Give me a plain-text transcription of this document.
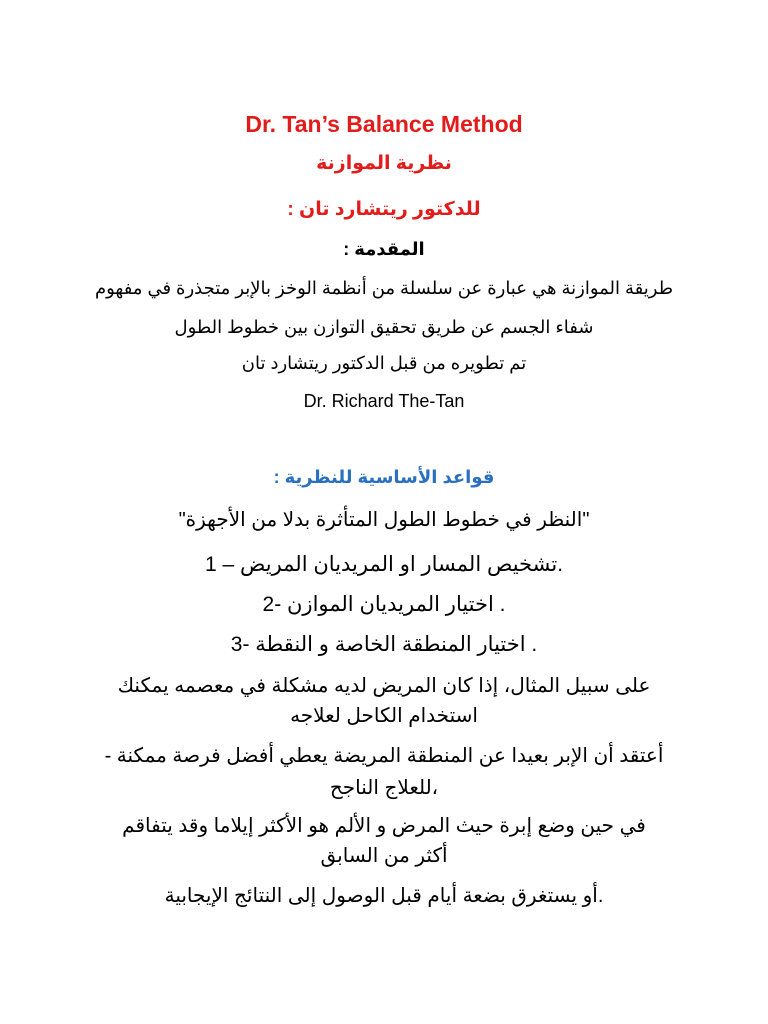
Dr. Tan’s Balance Method
نظرية الموازنة
للدكتور ريتشارد تان :
المقدمة :
طريقة الموازنة هي عبارة عن سلسلة من أنظمة الوخز بالإبر متجذرة في مفهوم
شفاء الجسم عن طريق تحقيق التوازن بين خطوط الطول
تم تطويره من قبل الدكتور ريتشارد تان
Dr. Richard The-Tan
قواعد الأساسية للنظرية :
"النظر في خطوط الطول المتأثرة بدلا من الأجهزة"
.تشخيص المسار او المريديان المريض – 1
. اختيار المريديان الموازن -2
. اختيار المنطقة الخاصة و النقطة -3
على سبيل المثال، إذا كان المريض لديه مشكلة في معصمه يمكنك
استخدام الكاحل لعلاجه
أعتقد أن الإبر بعيدا عن المنطقة المريضة يعطي أفضل فرصة ممكنة -
،للعلاج الناجح
في حين وضع إبرة حيث المرض و الألم هو الأكثر إيلاما وقد يتفاقم
أكثر من السابق
.أو يستغرق بضعة أيام قبل الوصول إلى النتائج الإيجابية
